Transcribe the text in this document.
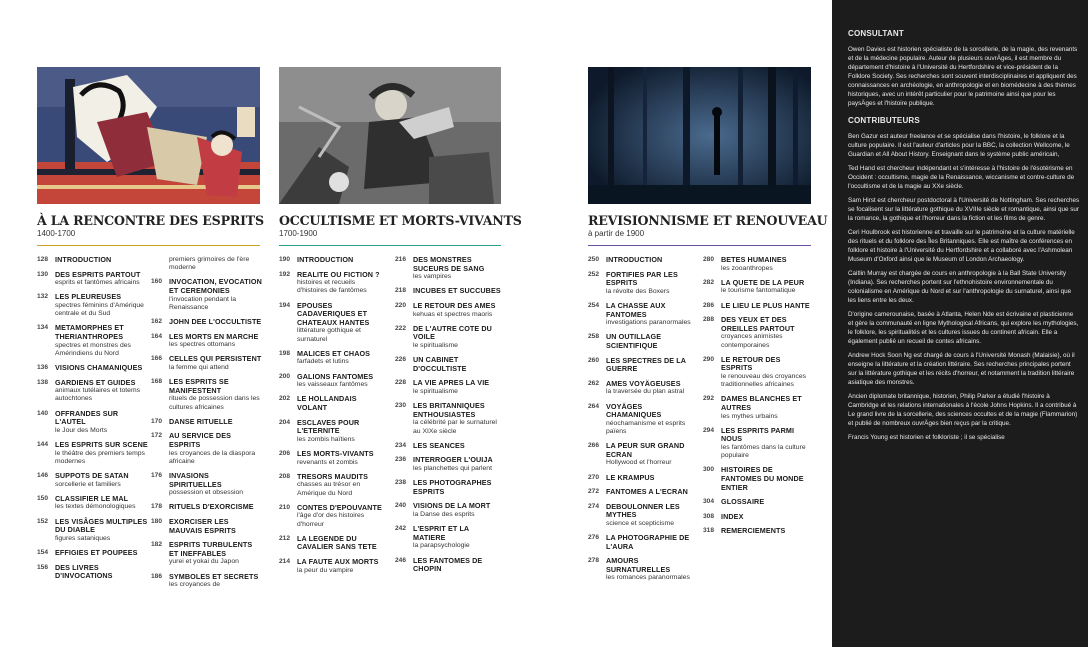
À LA RENCONTRE DES ESPRITS
1400-1700
OCCULTISME ET MORTS-VIVANTS
1700-1900
REVISIONNISME ET RENOUVEAU
à partir de 1900
128 INTRODUCTION
130 DES ESPRITS PARTOUT
esprits et fantômes africains
132 LES PLEUREUSES
spectres féminins d'Amérique centrale et du Sud
134 METAMORPHES ET THERIANTHROPES
spectres et monstres des Amérindiens du Nord
136 VISIONS CHAMANIQUES
138 GARDIENS ET GUIDES
animaux tutélaires et totems autochtones
140 OFFRANDES SUR L'AUTEL
le Jour des Morts
144 LES ESPRITS SUR SCENE
le théâtre des premiers temps modernes
146 SUPPOTS DE SATAN
sorcellerie et familiers
150 CLASSIFIER LE MAL
les textes démonologiques
152 LES VISÂGES MULTIPLES DU DIABLE
figures sataniques
154 EFFIGIES ET POUPEES
156 DES LIVRES D'INVOCATIONS
premiers grimoires de l'ère moderne
160 INVOCATION, EVOCATION ET CEREMONIES
l'invocation pendant la Renaissance
162 JOHN DEE L'OCCULTISTE
164 LES MORTS EN MARCHE
les spectres ottomans
166 CELLES QUI PERSISTENT
la femme qui attend
168 LES ESPRITS SE MANIFESTENT
rituels de possession dans les cultures africaines
170 DANSE RITUELLE
172 AU SERVICE DES ESPRITS
les croyances de la diaspora africaine
176 INVASIONS SPIRITUELLES
possession et obsession
178 RITUELS D'EXORCISME
180 EXORCISER LES MAUVAIS ESPRITS
182 ESPRITS TURBULENTS ET INEFFABLES
yurei et yokai du Japon
186 SYMBOLES ET SECRETS
les croyances de
190 INTRODUCTION
192 REALITE OU FICTION ?
histoires et recueils d'histoires de fantômes
194 EPOUSES CADAVERIQUES ET CHATEAUX HANTES
littérature gothique et surnaturel
198 MALICES ET CHAOS
farfadets et lutins
200 GALIONS FANTOMES
les vaisseaux fantômes
202 LE HOLLANDAIS VOLANT
204 ESCLAVES POUR L'ETERNITE
les zombis haïtiens
206 LES MORTS-VIVANTS
revenants et zombis
208 TRESORS MAUDITS
chasses au trésor en Amérique du Nord
210 CONTES D'EPOUVANTE
l'âge d'or des histoires d'horreur
212 LA LEGENDE DU CAVALIER SANS TETE
214 LA FAUTE AUX MORTS
la peur du vampire
216 DES MONSTRES SUCEURS DE SANG
les vampires
218 INCUBES ET SUCCUBES
220 LE RETOUR DES AMES
kehuas et spectres maoris
222 DE L'AUTRE COTE DU VOILE
le spiritualisme
226 UN CABINET D'OCCULTISTE
228 LA VIE APRES LA VIE
le spiritualisme
230 LES BRITANNIQUES ENTHOUSIASTES
la célébrité par le surnaturel au XIXe siècle
234 LES SEANCES
236 INTERROGER L'OUIJA
les planchettes qui parlent
238 LES PHOTOGRAPHES ESPRITS
240 VISIONS DE LA MORT
la Danse des esprits
242 L'ESPRIT ET LA MATIERE
la parapsychologie
246 LES FANTOMES DE CHOPIN
250 INTRODUCTION
252 FORTIFIES PAR LES ESPRITS
la révolte des Boxers
254 LA CHASSE AUX FANTOMES
investigations paranormales
258 UN OUTILLAGE SCIENTIFIQUE
260 LES SPECTRES DE LA GUERRE
262 AMES VOYÄGEUSES
la traversée du plan astral
264 VOYÄGES CHAMANIQUES
néochamanisme et esprits païens
266 LA PEUR SUR GRAND ECRAN
Hollywood et l'horreur
270 LE KRAMPUS
272 FANTOMES A L'ECRAN
274 DEBOULONNER LES MYTHES
science et scepticisme
276 LA PHOTOGRAPHIE DE L'AURA
278 AMOURS SURNATURELLES
les romances paranormales
280 BETES HUMAINES
les zooanthropes
282 LA QUETE DE LA PEUR
le tourisme fantomatique
286 LE LIEU LE PLUS HANTE
288 DES YEUX ET DES OREILLES PARTOUT
croyances animistes contemporaines
290 LE RETOUR DES ESPRITS
le renouveau des croyances traditionnelles africaines
292 DAMES BLANCHES ET AUTRES
les mythes urbains
294 LES ESPRITS PARMI NOUS
les fantômes dans la culture populaire
300 HISTOIRES DE FANTOMES DU MONDE ENTIER
304 GLOSSAIRE
308 INDEX
318 REMERCIEMENTS
CONSULTANT

Owen Davies est historien spécialiste de la sorcellerie, de la magie, des revenants et de la médecine populaire. Auteur de plusieurs ouvrÄges, il est membre du département d'histoire à l'Université du Hertfordshire et vice-président de la Folklore Society. Ses recherches sont souvent interdisciplinaires et appliquent des connaissances en archéologie, en anthropologie et en biomédecine à des thèmes historiques, avec un intérêt particulier pour le patrimoine ainsi que pour les paysÄges et l'histoire publique.

CONTRIBUTEURS

Ben Gazur est auteur freelance et se spécialise dans l'histoire, le folklore et la culture populaire. Il est l'auteur d'articles pour la BBC, la collection Wellcome, le Guardian et All About History. Enseignant dans le système public américain,

Ted Hand est chercheur indépendant et s'intéresse à l'histoire de l'ésotérisme en Occident : occultisme, magie de la Renaissance, wiccanisme et contre-culture de l'occultisme et de la magie au XXe siècle.

Sam Hirst est chercheur postdoctoral à l'Université de Nottingham. Ses recherches se focalisent sur la littérature gothique du XVIIIe siècle et romantique, ainsi que sur la romance, la gothique et l'horreur dans la fiction et les films de genre.

Ceri Houlbrook est historienne et travaille sur le patrimoine et la culture matérielle des rituels et du folklore des Îles Britanniques. Elle est maître de conférences en folklore et histoire à l'Université du Hertfordshire et a collaboré avec l'Ashmolean Museum d'Oxford ainsi que le Museum of London Archaeology.

Caitlin Murray est chargée de cours en anthropologie à la Ball State University (Indiana). Ses recherches portent sur l'ethnohistoire environnementale du colonialisme en Amérique du Nord et sur l'anthropologie du surnaturel, ainsi que les liens entre les deux.

D'origine camerounaise, basée à Atlanta, Helen Nde est écrivaine et plasticienne et gère la communauté en ligne Mythological Africans, qui explore les mythologies, le folklore, les spiritualités et les cultures issues du continent africain. Elle a également publié un recueil de contes africains.

Andrew Hock Soon Ng est chargé de cours à l'Université Monash (Malaisie), où il enseigne la littérature et la création littéraire. Ses recherches principales portent sur la littérature gothique et les récits d'horreur, et notamment la tradition littéraire asiatique des monstres.

Ancien diplomate britannique, historien, Philip Parker a étudié l'histoire à Cambridge et les relations internationales à l'école Johns Hopkins. Il a contribué à Le grand livre de la sorcellerie, des sciences occultes et de la magie (Flammarion) et publié de nombreux ouvrÄges bien reçus par la critique.

Francis Young est historien et folkloriste ; il se spécialise
